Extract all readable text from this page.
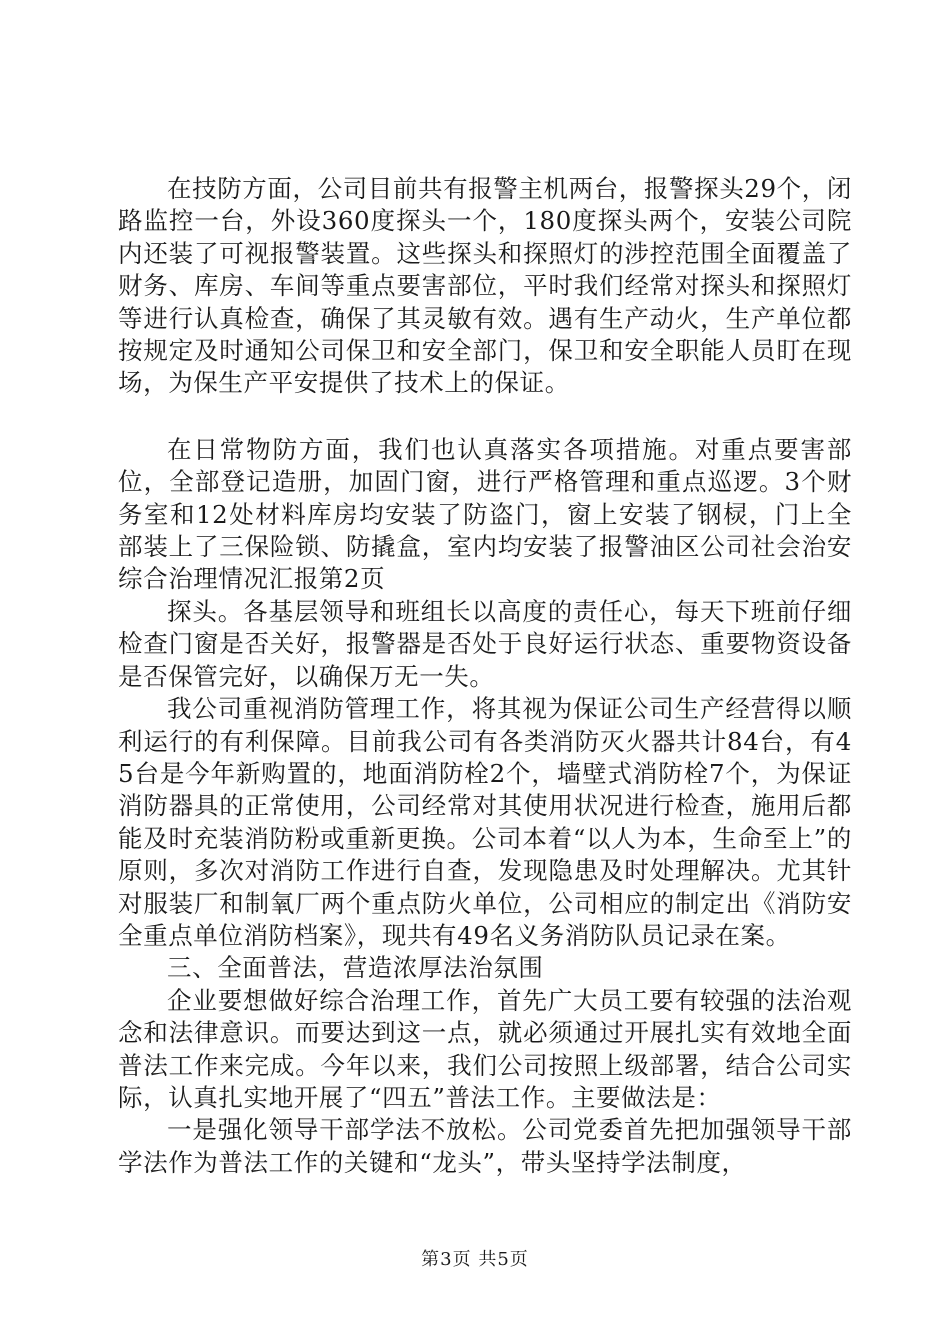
在技防方面，公司目前共有报警主机两台，报警探头29个，闭路监控一台，外设360度探头一个，180度探头两个，安装公司院内还装了可视报警装置。这些探头和探照灯的涉控范围全面覆盖了财务、库房、车间等重点要害部位，平时我们经常对探头和探照灯等进行认真检查，确保了其灵敏有效。遇有生产动火，生产单位都按规定及时通知公司保卫和安全部门，保卫和安全职能人员盯在现场，为保生产平安提供了技术上的保证。

在日常物防方面，我们也认真落实各项措施。对重点要害部位，全部登记造册，加固门窗，进行严格管理和重点巡逻。3个财务室和12处材料库房均安装了防盗门，窗上安装了钢棂，门上全部装上了三保险锁、防撬盒，室内均安装了报警油区公司社会治安综合治理情况汇报第2页

探头。各基层领导和班组长以高度的责任心，每天下班前仔细检查门窗是否关好，报警器是否处于良好运行状态、重要物资设备是否保管完好，以确保万无一失。

我公司重视消防管理工作，将其视为保证公司生产经营得以顺利运行的有利保障。目前我公司有各类消防灭火器共计84台，有45台是今年新购置的，地面消防栓2个，墙壁式消防栓7个，为保证消防器具的正常使用，公司经常对其使用状况进行检查，施用后都能及时充装消防粉或重新更换。公司本着“以人为本，生命至上”的原则，多次对消防工作进行自查，发现隐患及时处理解决。尤其针对服装厂和制氧厂两个重点防火单位，公司相应的制定出《消防安全重点单位消防档案》，现共有49名义务消防队员记录在案。

三、全面普法，营造浓厚法治氛围

企业要想做好综合治理工作，首先广大员工要有较强的法治观念和法律意识。而要达到这一点，就必须通过开展扎实有效地全面普法工作来完成。今年以来，我们公司按照上级部署，结合公司实际，认真扎实地开展了“四五”普法工作。主要做法是：

一是强化领导干部学法不放松。公司党委首先把加强领导干部学法作为普法工作的关键和“龙头”，带头坚持学法制度，

第3页 共5页
